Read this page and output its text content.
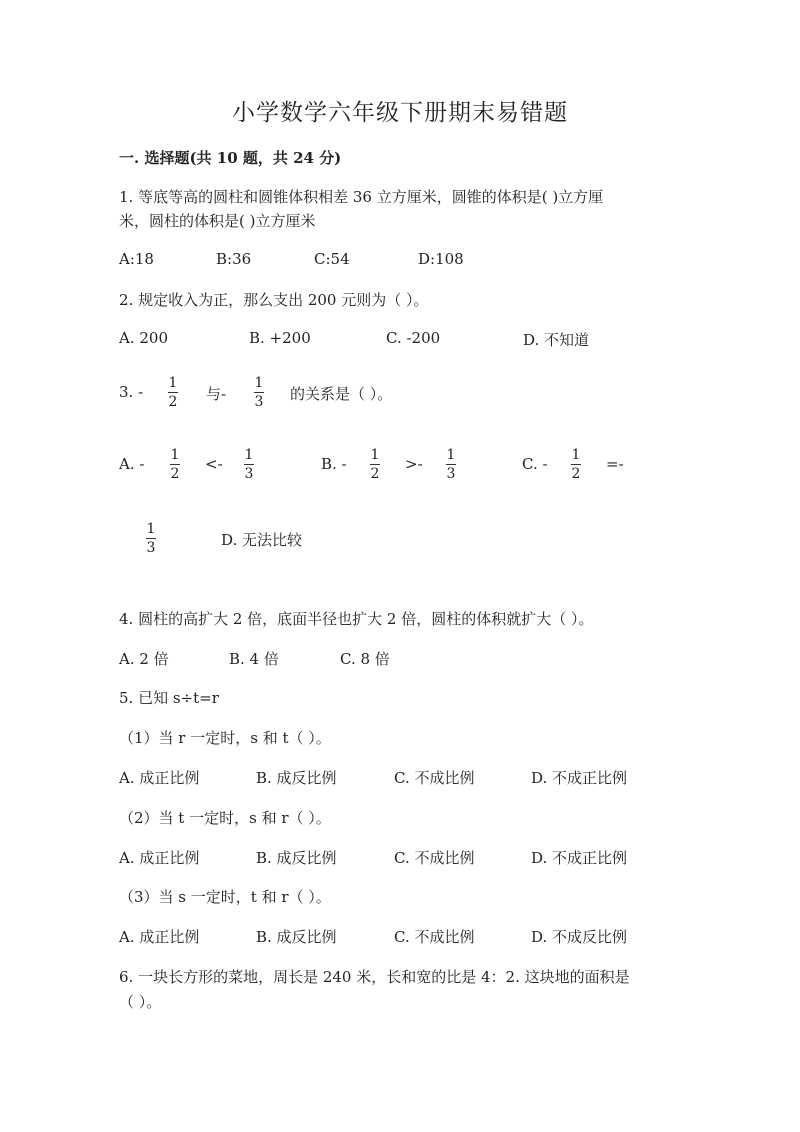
小学数学六年级下册期末易错题
一. 选择题(共 10 题，共 24 分)
1. 等底等高的圆柱和圆锥体积相差 36 立方厘米，圆锥的体积是( )立方厘
米，圆柱的体积是( )立方厘米
A:18	B:36	C:54	D:108
2. 规定收入为正，那么支出 200 元则为（ ）。
A. 200	B. +200	C. -200	D. 不知道
3. - 1
2 与-
1
3 的关系是（ ）。
A. - 1
2
<- 1
3
B. - 1
2
>- 1
3
C. - 1
2
=-
1
3	D. 无法比较
4. 圆柱的高扩大 2 倍，底面半径也扩大 2 倍，圆柱的体积就扩大（ ）。
A. 2 倍	B. 4 倍	C. 8 倍
5. 已知 s÷t=r
（1）当 r 一定时，s 和 t（ ）。
A. 成正比例	B. 成反比例	C. 不成比例	D. 不成正比例
（2）当 t 一定时，s 和 r（ ）。
A. 成正比例	B. 成反比例	C. 不成比例	D. 不成正比例
（3）当 s 一定时，t 和 r（ ）。
A. 成正比例	B. 成反比例	C. 不成比例	D. 不成反比例
6. 一块长方形的菜地，周长是 240 米，长和宽的比是 4：2. 这块地的面积是
（ ）。
